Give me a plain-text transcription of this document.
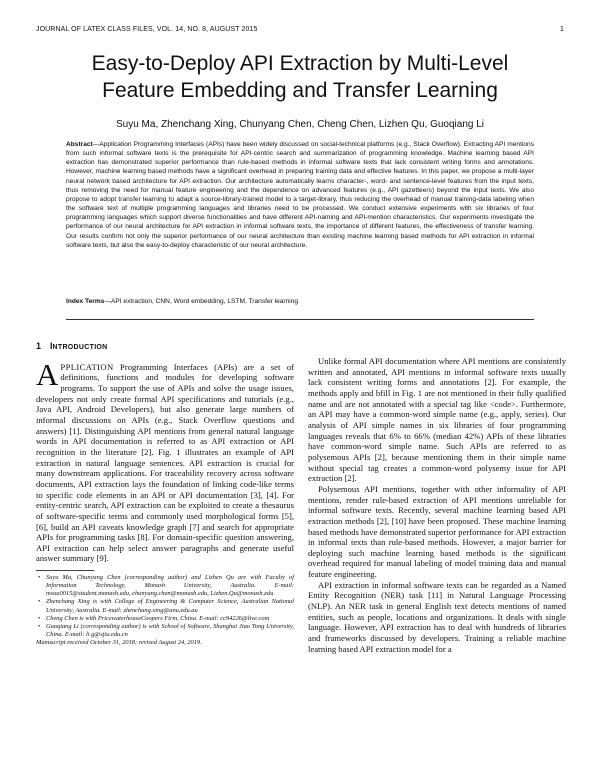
JOURNAL OF LATEX CLASS FILES, VOL. 14, NO. 8, AUGUST 2015	1
Easy-to-Deploy API Extraction by Multi-Level
Feature Embedding and Transfer Learning
Suyu Ma, Zhenchang Xing, Chunyang Chen, Cheng Chen, Lizhen Qu, Guoqiang Li
Abstract—Application Programming Interfaces (APIs) have been widely discussed on social-technical platforms (e.g., Stack Overflow). Extracting API mentions from such informal software texts is the prerequisite for API-centric search and summarization of programming knowledge. Machine learning based API extraction has demonstrated superior performance than rule-based methods in informal software texts that lack consistent writing forms and annotations. However, machine learning based methods have a significant overhead in preparing training data and effective features. In this paper, we propose a multi-layer neural network based architecture for API extraction. Our architecture automatically learns character-, word- and sentence-level features from the input texts, thus removing the need for manual feature engineering and the dependence on advanced features (e.g., API gazetteers) beyond the input texts. We also propose to adopt transfer learning to adapt a source-library-trained model to a target-library, thus reducing the overhead of manual training-data labeling when the software text of multiple programming languages and libraries need to be processed. We conduct extensive experiments with six libraries of four programming languages which support diverse functionalities and have different API-naming and API-mention characteristics. Our experiments investigate the performance of our neural architecture for API extraction in informal software texts, the importance of different features, the effectiveness of transfer learning. Our results confirm not only the superior performance of our neural architecture than existing machine learning based methods for API extraction in informal software texts, but also the easy-to-deploy characteristic of our neural architecture.
Index Terms—API extraction, CNN, Word embedding, LSTM, Transfer learning
1 INTRODUCTION

APPLICATION Programming Interfaces (APIs) are a set of definitions, functions and modules for developing software programs. To support the use of APIs and solve the usage issues, developers not only create formal API specifications and tutorials (e.g., Java API, Android Developers), but also generate large numbers of informal discussions on APIs (e.g., Stack Overflow questions and answers) [1]. Distinguishing API mentions from general natural language words in API documentation is referred to as API extraction or API recognition in the literature [2]. Fig. 1 illustrates an example of API extraction in natural language sentences. API extraction is crucial for many downstream applications. For traceability recovery across software documents, API extraction lays the foundation of linking code-like terms to specific code elements in an API or API documentation [3], [4]. For entity-centric search, API extraction can be exploited to create a thesaurus of software-specific terms and commonly used morphological forms [5], [6], build an API caveats knowledge graph [7] and search for appropriate APIs for programming tasks [8]. For domain-specific question answering, API extraction can help select answer paragraphs and generate useful answer summary [9].

• Suyu Ma, Chunyang Chen (corresponding author) and Lizhen Qu are with Faculty of Information Technology, Monash University, Australia. E-mail: msuu0015@student.monash.edu, chunyang.chen@monash.edu, Lizhen.Qu@monash.edu

• Zhenchang Xing is with College of Engineering & Computer Science, Australian National University, Australia. E-mail: zhenchang.xing@anu.edu.au

• Cheng Chen is with PricewaterhouseCoopers Firm, China. E-mail: cc94226@live.com

• Guoqiang Li (corresponding author) is with School of Software, Shanghai Jiao Tong University, China. E-mail: li.g@sjtu.edu.cn

Manuscript received October 31, 2018; revised August 24, 2019.

Unlike formal API documentation where API mentions are consistently written and annotated, API mentions in informal software texts usually lack consistent writing forms and annotations [2]. For example, the methods apply and bfill in Fig. 1 are not mentioned in their fully qualified name and are not annotated with a special tag like <code>. Furthermore, an API may have a common-word simple name (e.g., apply, series). Our analysis of API simple names in six libraries of four programming languages reveals that 6% to 66% (median 42%) APIs of these libraries have common-word simple name. Such APIs are referred to as polysemous APIs [2], because mentioning them in their simple name without special tag creates a common-word polysemy issue for API extraction [2].

Polysemous API mentions, together with other informality of API mentions, render rule-based extraction of API mentions unreliable for informal software texts. Recently, several machine learning based API extraction methods [2], [10] have been proposed. These machine learning based methods have demonstrated superior performance for API extraction in informal texts than rule-based methods. However, a major barrier for deploying such machine learning based methods is the significant overhead required for manual labeling of model training data and manual feature engineering.

API extraction in informal software texts can be regarded as a Named Entity Recognition (NER) task [11] in Natural Language Processing (NLP). An NER task in general English text detects mentions of named entities, such as people, locations and organizations. It deals with single language. However, API extraction has to deal with hundreds of libraries and frameworks discussed by developers. Training a reliable machine learning based API extraction model for a
